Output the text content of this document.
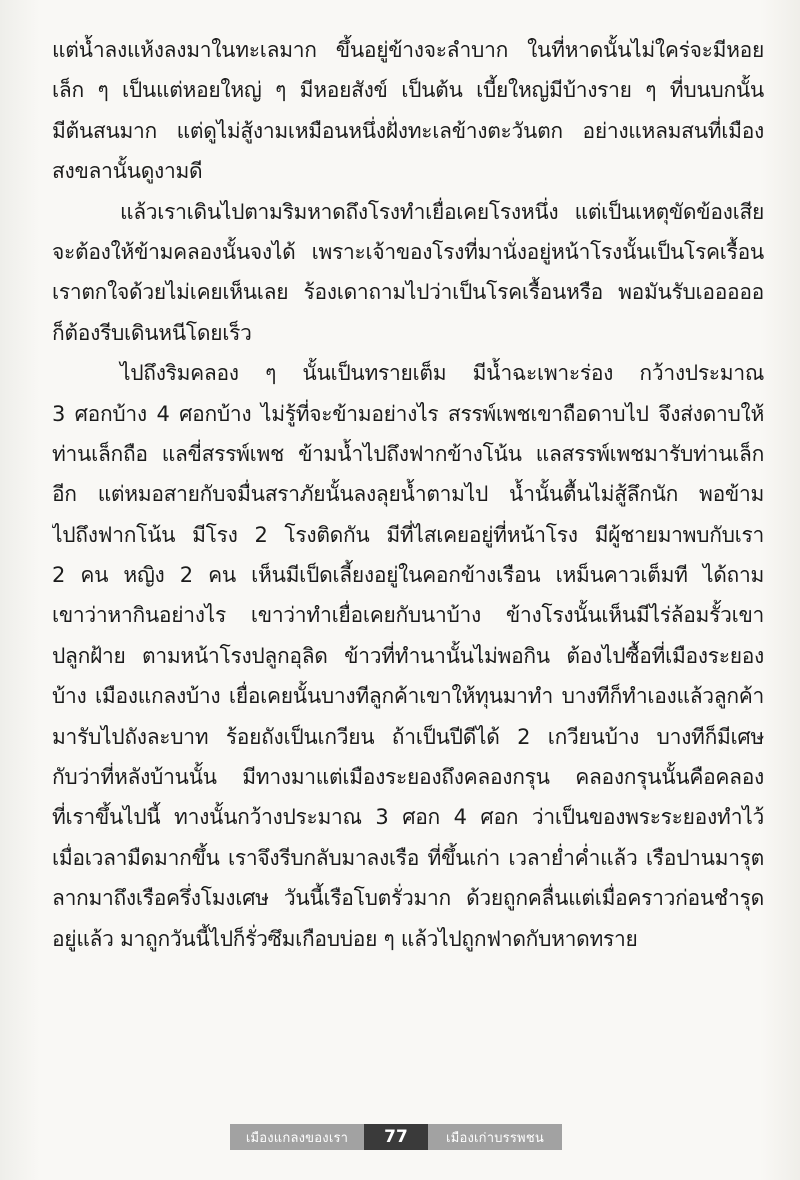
แต่น้ำลงแห้งลงมาในทะเลมาก ขึ้นอยู่ข้างจะลำบาก ในที่หาดนั้นไม่ใคร่จะมีหอย
เล็ก ๆ เป็นแต่หอยใหญ่ ๆ มีหอยสังข์ เป็นต้น เบี้ยใหญ่มีบ้างราย ๆ ที่บนบกนั้น
มีต้นสนมาก แต่ดูไม่สู้งามเหมือนหนึ่งฝั่งทะเลข้างตะวันตก อย่างแหลมสนที่เมือง
สงขลานั้นดูงามดี
แล้วเราเดินไปตามริมหาดถึงโรงทำเยื่อเคยโรงหนึ่ง แต่เป็นเหตุขัดข้องเสีย
จะต้องให้ข้ามคลองนั้นจงได้ เพราะเจ้าของโรงที่มานั่งอยู่หน้าโรงนั้นเป็นโรคเรื้อน
เราตกใจด้วยไม่เคยเห็นเลย ร้องเดาถามไปว่าเป็นโรคเรื้อนหรือ พอมันรับเอออออ
ก็ต้องรีบเดินหนีโดยเร็ว
ไปถึงริมคลอง ๆ นั้นเป็นทรายเต็ม มีน้ำฉะเพาะร่อง กว้างประมาณ
3 ศอกบ้าง 4 ศอกบ้าง ไม่รู้ที่จะข้ามอย่างไร สรรพ์เพชเขาถือดาบไป จึงส่งดาบให้
ท่านเล็กถือ แลขี่สรรพ์เพช ข้ามน้ำไปถึงฟากข้างโน้น แลสรรพ์เพชมารับท่านเล็ก
อีก แต่หมอสายกับจมื่นสราภัยนั้นลงลุยน้ำตามไป น้ำนั้นตื้นไม่สู้ลึกนัก พอข้าม
ไปถึงฟากโน้น มีโรง 2 โรงติดกัน มีที่ไสเคยอยู่ที่หน้าโรง มีผู้ชายมาพบกับเรา
2 คน หญิง 2 คน เห็นมีเป็ดเลี้ยงอยู่ในคอกข้างเรือน เหม็นคาวเต็มที ได้ถาม
เขาว่าหากินอย่างไร เขาว่าทำเยื่อเคยกับนาบ้าง ข้างโรงนั้นเห็นมีไร่ล้อมรั้วเขา
ปลูกฝ้าย ตามหน้าโรงปลูกอุลิด ข้าวที่ทำนานั้นไม่พอกิน ต้องไปซื้อที่เมืองระยอง
บ้าง เมืองแกลงบ้าง เยื่อเคยนั้นบางทีลูกค้าเขาให้ทุนมาทำ บางทีก็ทำเองแล้วลูกค้า
มารับไปถังละบาท ร้อยถังเป็นเกวียน ถ้าเป็นปีดีได้ 2 เกวียนบ้าง บางทีก็มีเศษ
กับว่าที่หลังบ้านนั้น มีทางมาแต่เมืองระยองถึงคลองกรุน คลองกรุนนั้นคือคลอง
ที่เราขึ้นไปนี้ ทางนั้นกว้างประมาณ 3 ศอก 4 ศอก ว่าเป็นของพระระยองทำไว้
เมื่อเวลามืดมากขึ้น เราจึงรีบกลับมาลงเรือ ที่ขึ้นเก่า เวลาย่ำค่ำแล้ว เรือปานมารุต
ลากมาถึงเรือครึ่งโมงเศษ วันนี้เรือโบตรั่วมาก ด้วยถูกคลื่นแต่เมื่อคราวก่อนชำรุด
อยู่แล้ว มาถูกวันนี้ไปก็รั่วซึมเกือบบ่อย ๆ แล้วไปถูกฟาดกับหาดทราย
เมืองแกลงของเรา	77	เมืองเก่าบรรพชน
